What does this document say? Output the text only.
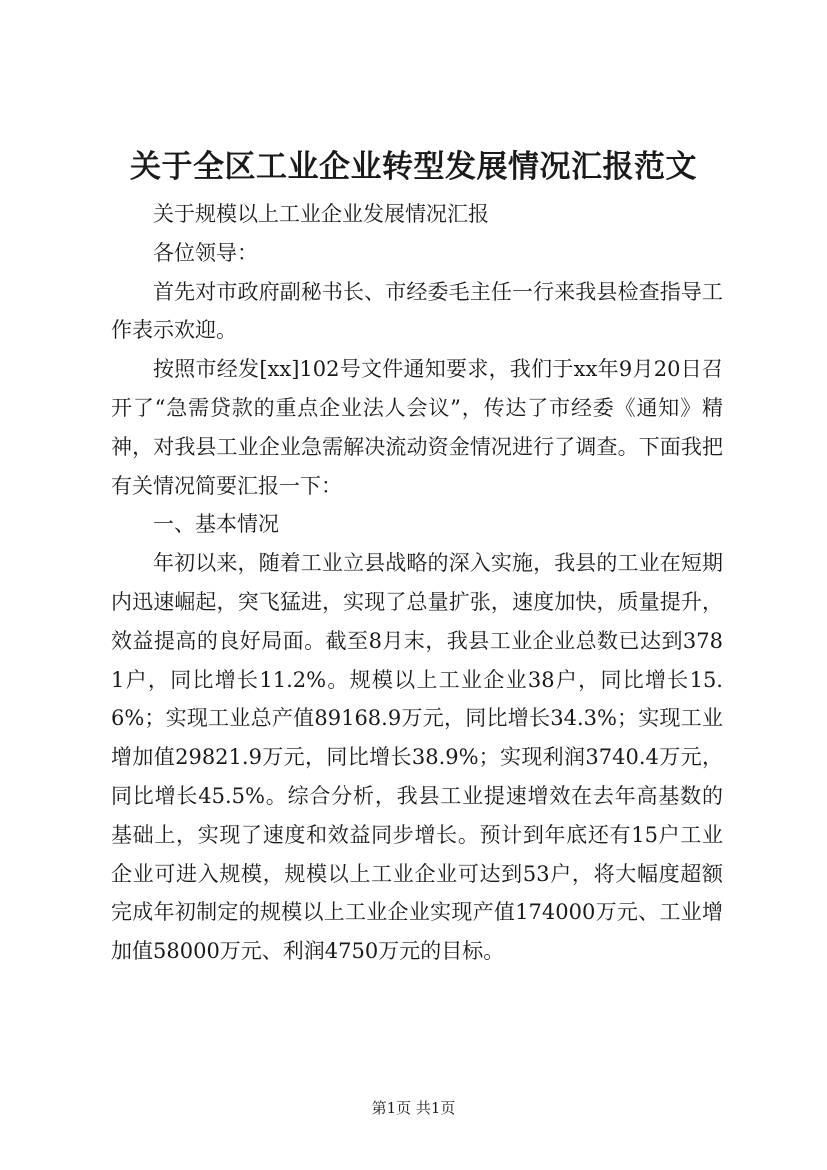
关于全区工业企业转型发展情况汇报范文

关于规模以上工业企业发展情况汇报

各位领导：

首先对市政府副秘书长、市经委毛主任一行来我县检查指导工作表示欢迎。

按照市经发[xx]102号文件通知要求，我们于xx年9月20日召开了“急需贷款的重点企业法人会议”，传达了市经委《通知》精神，对我县工业企业急需解决流动资金情况进行了调查。下面我把有关情况简要汇报一下：

一、基本情况

年初以来，随着工业立县战略的深入实施，我县的工业在短期内迅速崛起，突飞猛进，实现了总量扩张，速度加快，质量提升，效益提高的良好局面。截至8月末，我县工业企业总数已达到3781户，同比增长11.2%。规模以上工业企业38户，同比增长15.6%；实现工业总产值89168.9万元，同比增长34.3%；实现工业增加值29821.9万元，同比增长38.9%；实现利润3740.4万元，同比增长45.5%。综合分析，我县工业提速增效在去年高基数的基础上，实现了速度和效益同步增长。预计到年底还有15户工业企业可进入规模，规模以上工业企业可达到53户，将大幅度超额完成年初制定的规模以上工业企业实现产值174000万元、工业增加值58000万元、利润4750万元的目标。

第1页 共1页
